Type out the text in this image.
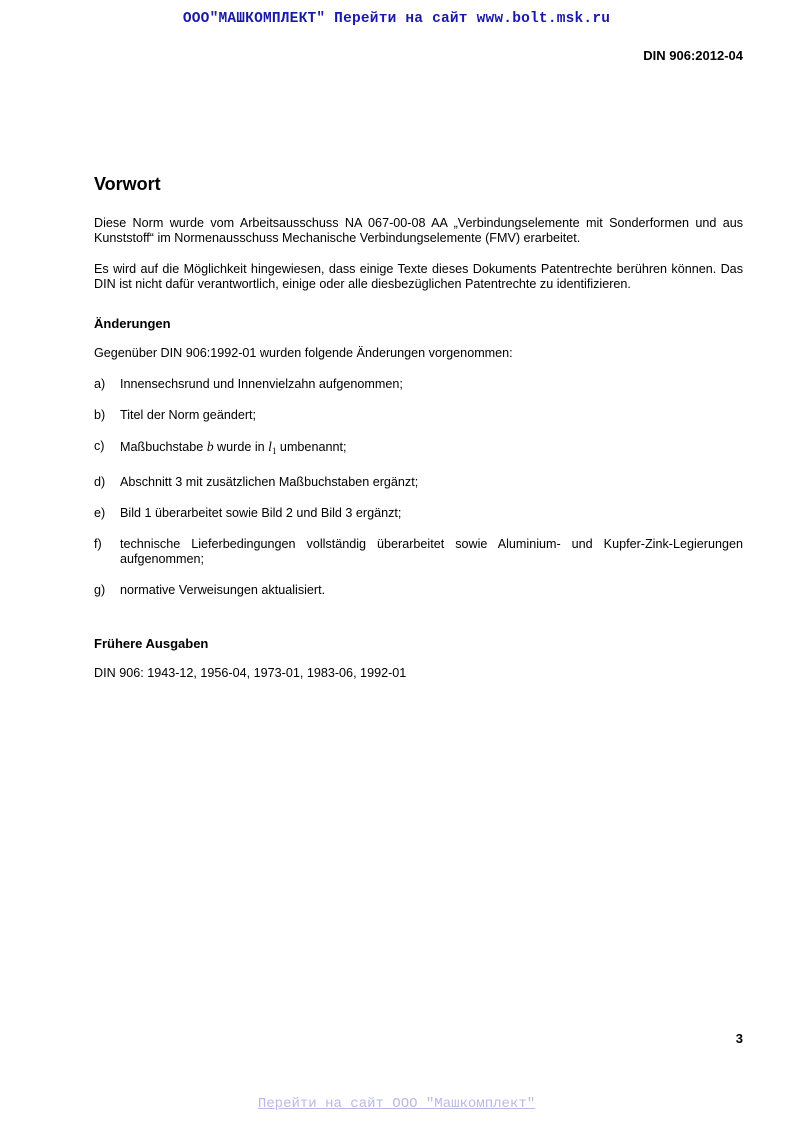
ООО"МАШКОМПЛЕКТ" Перейти на сайт www.bolt.msk.ru
DIN 906:2012-04
Vorwort

Diese Norm wurde vom Arbeitsausschuss NA 067-00-08 AA „Verbindungselemente mit Sonderformen und aus Kunststoff“ im Normenausschuss Mechanische Verbindungselemente (FMV) erarbeitet.

Es wird auf die Möglichkeit hingewiesen, dass einige Texte dieses Dokuments Patentrechte berühren können. Das DIN ist nicht dafür verantwortlich, einige oder alle diesbezüglichen Patentrechte zu identifizieren.

Änderungen

Gegenüber DIN 906:1992-01 wurden folgende Änderungen vorgenommen:

a)	Innensechsrund und Innenvielzahn aufgenommen;
b)	Titel der Norm geändert;
c)	Maßbuchstabe b wurde in $l_1$ umbenannt;
d)	Abschnitt 3 mit zusätzlichen Maßbuchstaben ergänzt;
e)	Bild 1 überarbeitet sowie Bild 2 und Bild 3 ergänzt;
f)	technische Lieferbedingungen vollständig überarbeitet sowie Aluminium- und Kupfer-Zink-Legierungen aufgenommen;
g)	normative Verweisungen aktualisiert.
Frühere Ausgaben

DIN 906: 1943-12, 1956-04, 1973-01, 1983-06, 1992-01

3
Перейти на сайт ООО "Машкомплект"
